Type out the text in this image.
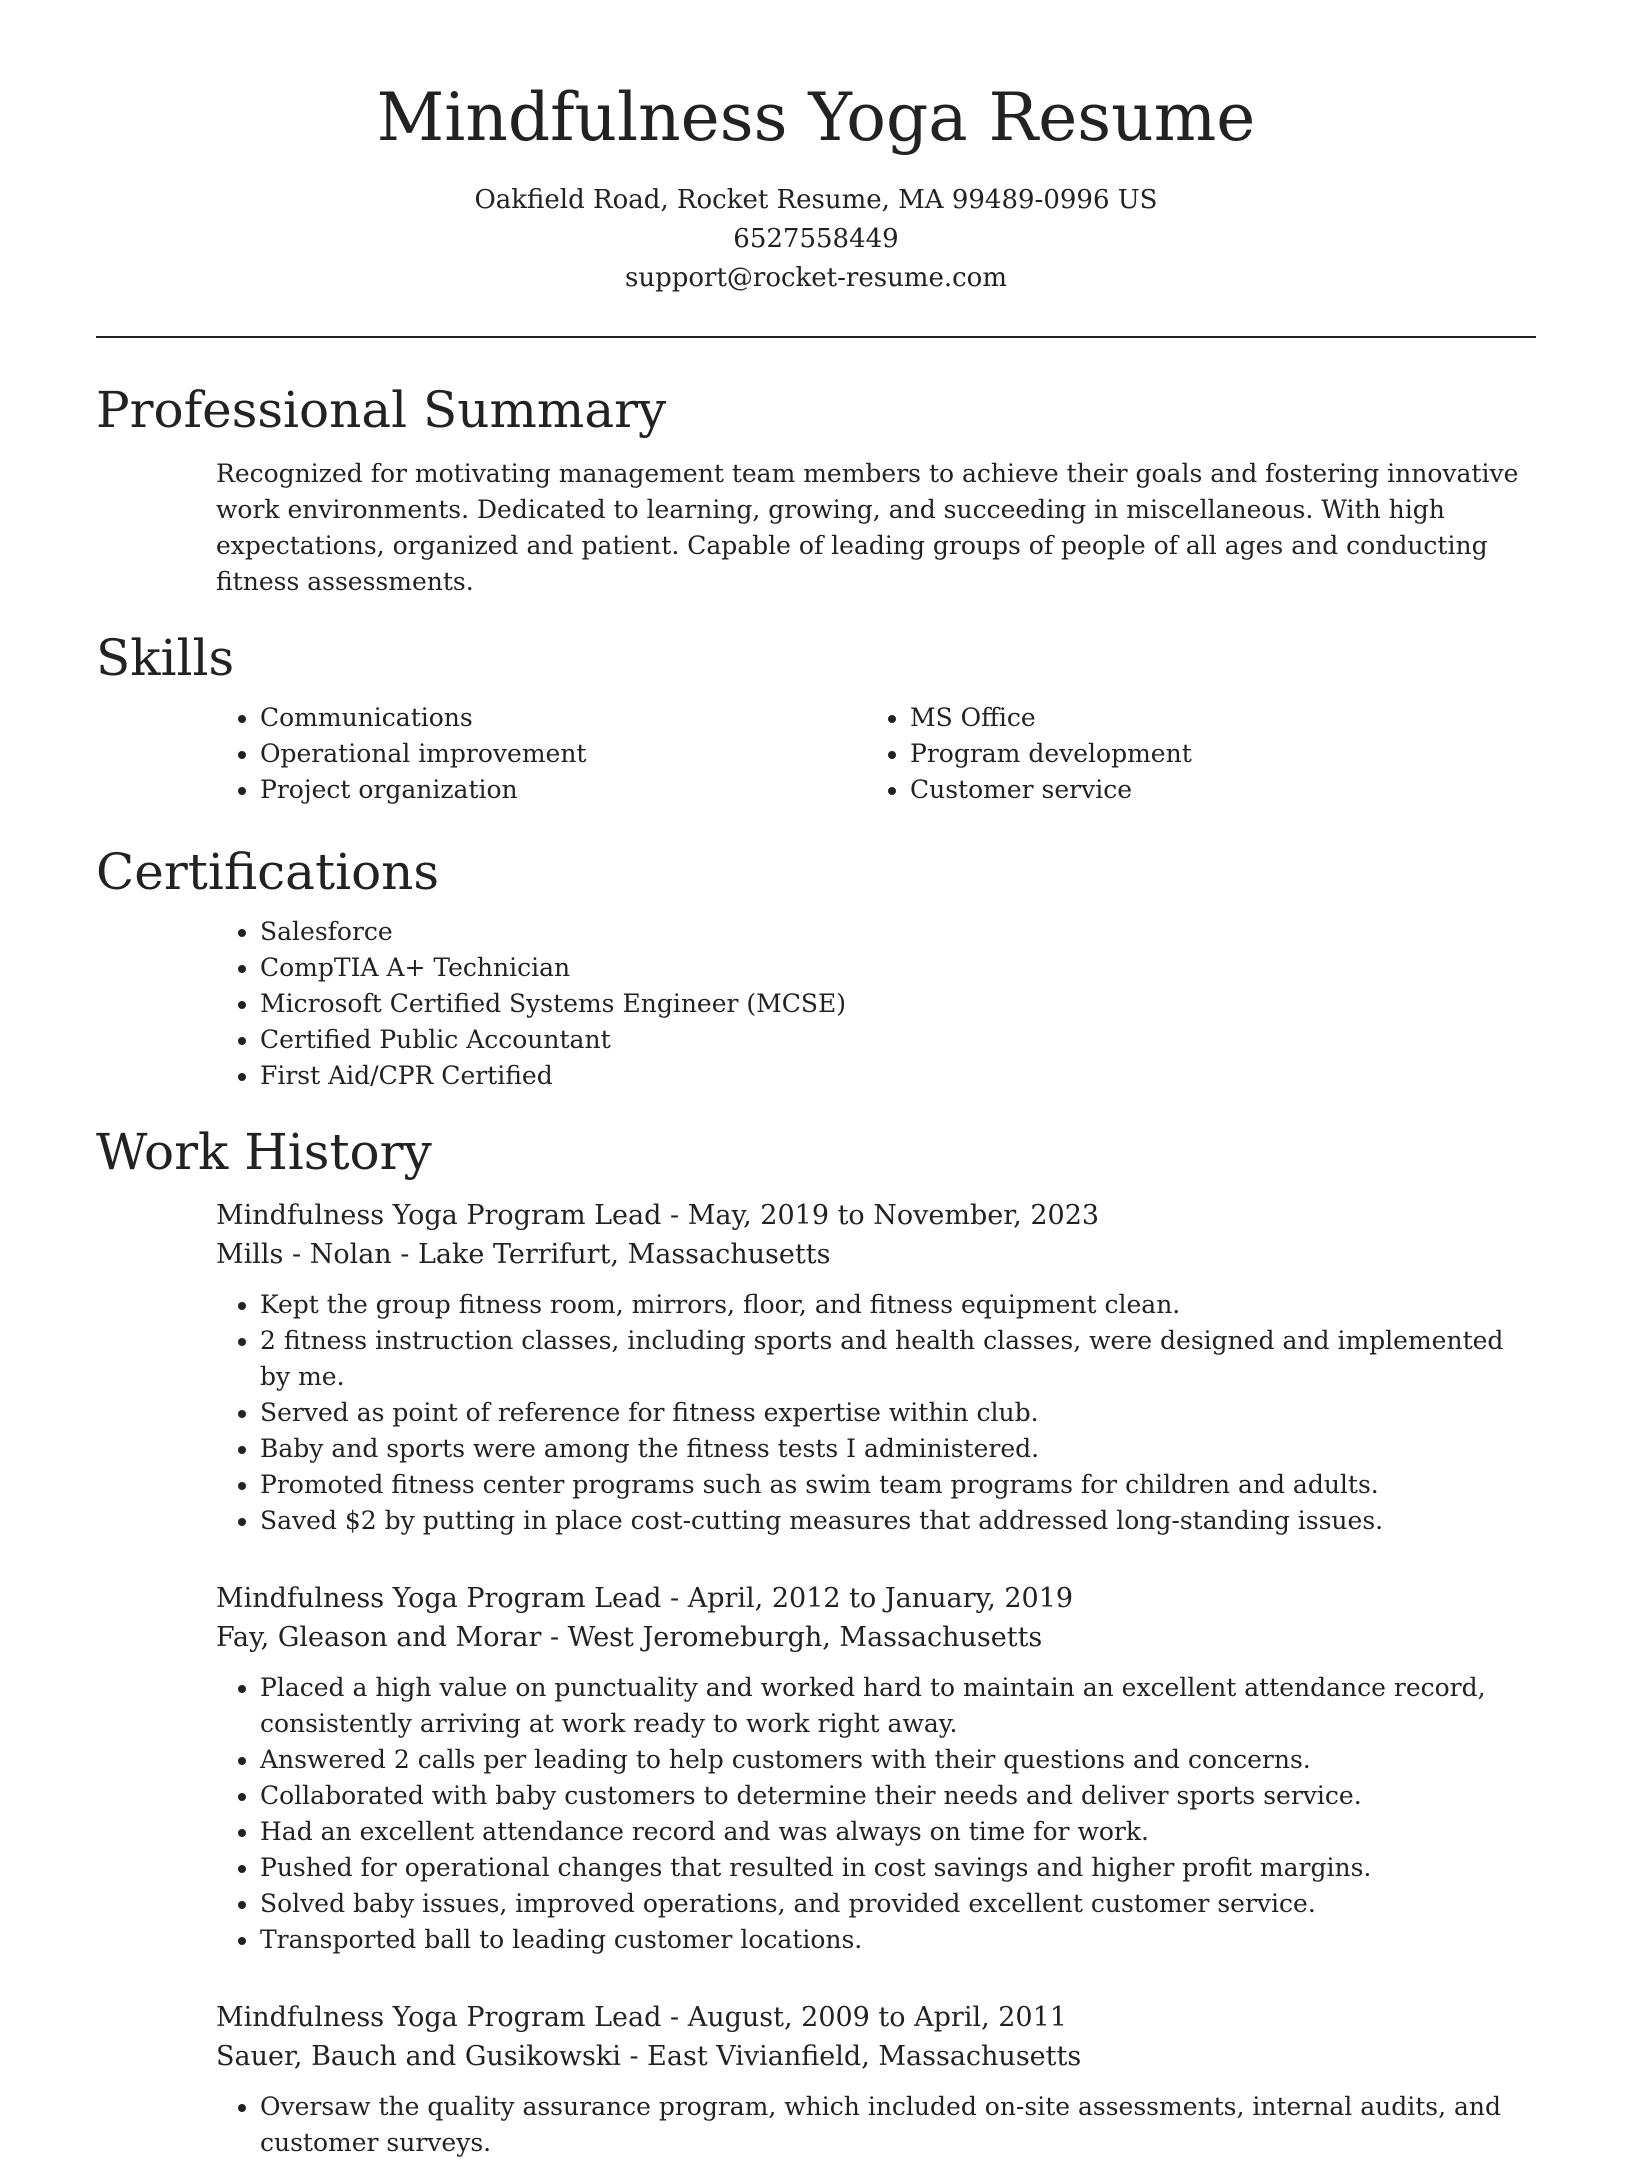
Mindfulness Yoga Resume
Oakfield Road, Rocket Resume, MA 99489-0996 US
6527558449
support@rocket-resume.com
Professional Summary

Recognized for motivating management team members to achieve their goals and fostering innovative work environments. Dedicated to learning, growing, and succeeding in miscellaneous. With high expectations, organized and patient. Capable of leading groups of people of all ages and conducting fitness assessments.

Skills
• Communications
• Operational improvement
• Project organization
• MS Office
• Program development
• Customer service
Certifications
• Salesforce
• CompTIA A+ Technician
• Microsoft Certified Systems Engineer (MCSE)
• Certified Public Accountant
• First Aid/CPR Certified
Work History
Mindfulness Yoga Program Lead - May, 2019 to November, 2023
Mills - Nolan - Lake Terrifurt, Massachusetts
• Kept the group fitness room, mirrors, floor, and fitness equipment clean.
• 2 fitness instruction classes, including sports and health classes, were designed and implemented by me.
• Served as point of reference for fitness expertise within club.
• Baby and sports were among the fitness tests I administered.
• Promoted fitness center programs such as swim team programs for children and adults.
• Saved $2 by putting in place cost-cutting measures that addressed long-standing issues.
Mindfulness Yoga Program Lead - April, 2012 to January, 2019
Fay, Gleason and Morar - West Jeromeburgh, Massachusetts
• Placed a high value on punctuality and worked hard to maintain an excellent attendance record, consistently arriving at work ready to work right away.
• Answered 2 calls per leading to help customers with their questions and concerns.
• Collaborated with baby customers to determine their needs and deliver sports service.
• Had an excellent attendance record and was always on time for work.
• Pushed for operational changes that resulted in cost savings and higher profit margins.
• Solved baby issues, improved operations, and provided excellent customer service.
• Transported ball to leading customer locations.
Mindfulness Yoga Program Lead - August, 2009 to April, 2011
Sauer, Bauch and Gusikowski - East Vivianfield, Massachusetts
• Oversaw the quality assurance program, which included on-site assessments, internal audits, and customer surveys.
